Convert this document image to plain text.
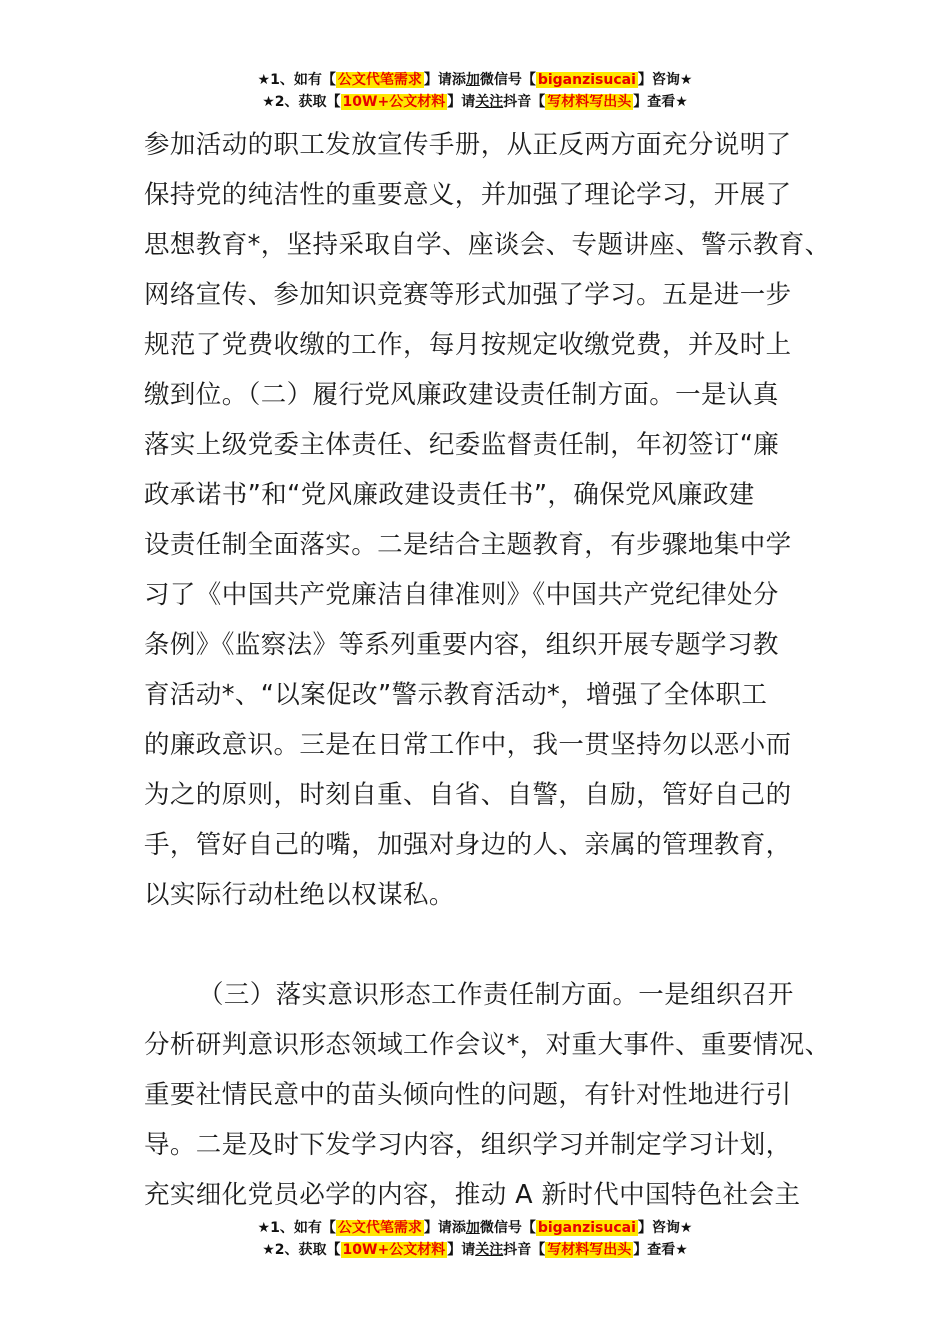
★1、如有【 公文代笔需求 】请添加微信号【 biganzisucai 】咨询★
★2、获取【 10W+公文材料 】请关注抖音【 写材料写出头 】查看★

参加活动的职工发放宣传手册，从正反两方面充分说明了

保持党的纯洁性的重要意义，并加强了理论学习，开展了

思想教育*，坚持采取自学、座谈会、专题讲座、警示教育、

网络宣传、参加知识竞赛等形式加强了学习。五是进一步

规范了党费收缴的工作，每月按规定收缴党费，并及时上

缴到位。（二）履行党风廉政建设责任制方面。一是认真

落实上级党委主体责任、纪委监督责任制，年初签订“廉

政承诺书”和“党风廉政建设责任书”，确保党风廉政建

设责任制全面落实。二是结合主题教育，有步骤地集中学

习了《中国共产党廉洁自律准则》《中国共产党纪律处分

条例》《监察法》等系列重要内容，组织开展专题学习教

育活动*、“以案促改”警示教育活动*，增强了全体职工

的廉政意识。三是在日常工作中，我一贯坚持勿以恶小而

为之的原则，时刻自重、自省、自警，自励，管好自己的

手，管好自己的嘴，加强对身边的人、亲属的管理教育，

以实际行动杜绝以权谋私。

（三）落实意识形态工作责任制方面。一是组织召开

分析研判意识形态领域工作会议*，对重大事件、重要情况、

重要社情民意中的苗头倾向性的问题，有针对性地进行引

导。二是及时下发学习内容，组织学习并制定学习计划，

充实细化党员必学的内容，推动 A 新时代中国特色社会主

★1、如有【 公文代笔需求 】请添加微信号【 biganzisucai 】咨询★
★2、获取【 10W+公文材料 】请关注抖音【 写材料写出头 】查看★
